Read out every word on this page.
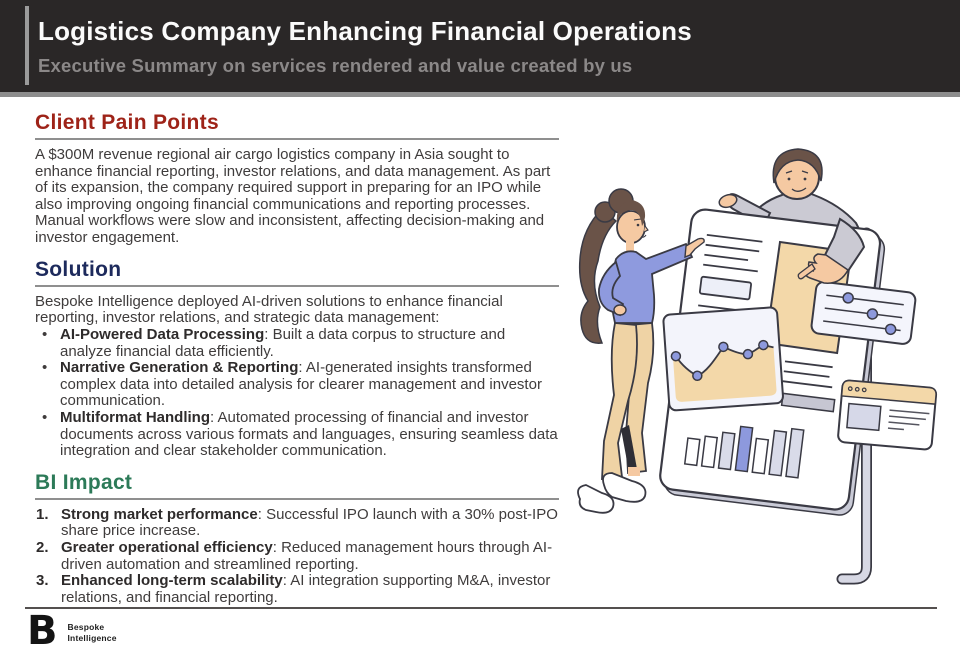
Logistics Company Enhancing Financial Operations
Executive Summary on services rendered and value created by us
Client Pain Points

A $300M revenue regional air cargo logistics company in Asia sought to enhance financial reporting, investor relations, and data management. As part of its expansion, the company required support in preparing for an IPO while also improving ongoing financial communications and reporting processes. Manual workflows were slow and inconsistent, affecting decision-making and investor engagement.

Solution

Bespoke Intelligence deployed AI-driven solutions to enhance financial reporting, investor relations, and strategic data management:

• AI-Powered Data Processing: Built a data corpus to structure and analyze financial data efficiently.
• Narrative Generation & Reporting: AI-generated insights transformed complex data into detailed analysis for clearer management and investor communication.
• Multiformat Handling: Automated processing of financial and investor documents across various formats and languages, ensuring seamless data integration and clear stakeholder communication.
BI Impact
1. Strong market performance: Successful IPO launch with a 30% post-IPO share price increase.
2. Greater operational efficiency: Reduced management hours through AI-driven automation and streamlined reporting.
3. Enhanced long-term scalability: AI integration supporting M&A, investor relations, and financial reporting.
B Bespoke
Intelligence
